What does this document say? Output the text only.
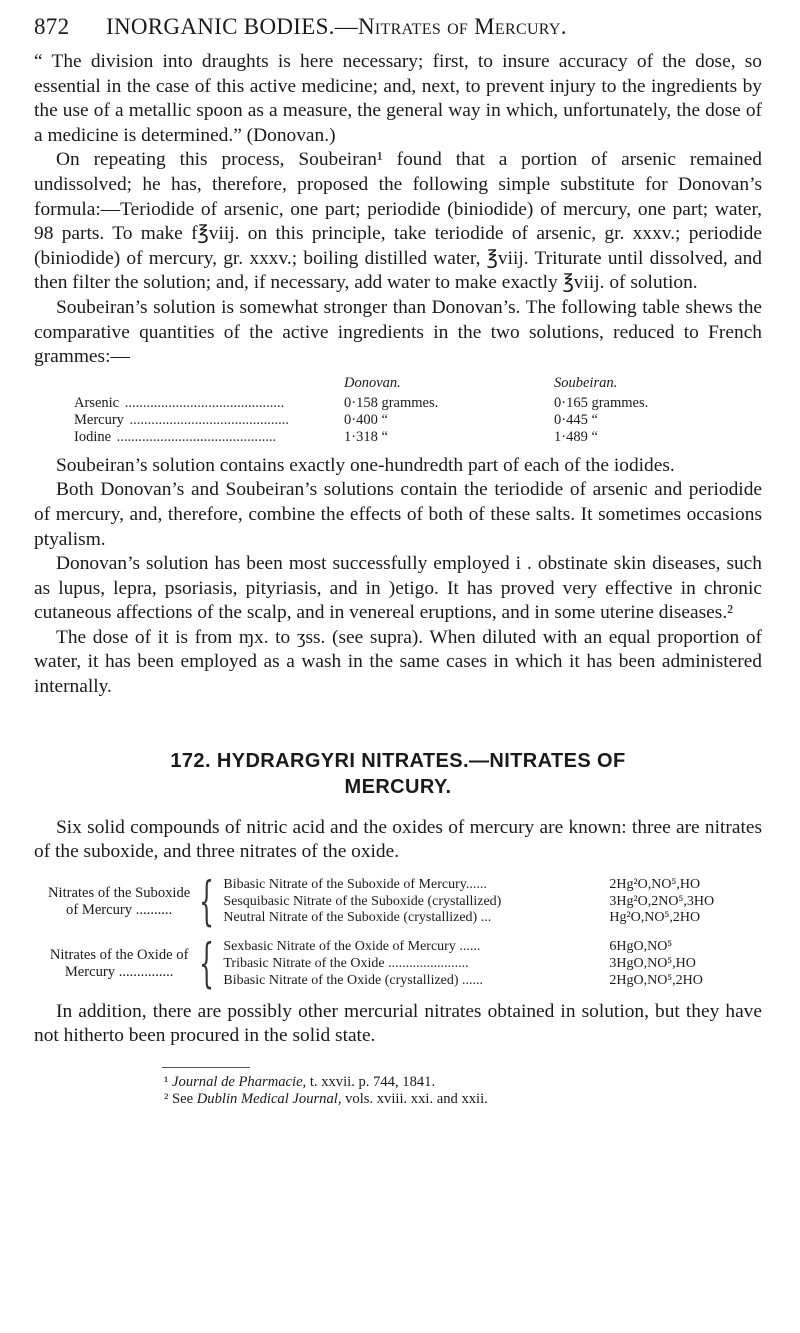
872	INORGANIC BODIES.—Nitrates of Mercury.

“ The division into draughts is here necessary; first, to insure accuracy of the dose, so essential in the case of this active medicine; and, next, to prevent injury to the ingredients by the use of a metallic spoon as a measure, the general way in which, unfortunately, the dose of a medicine is determined.” (Donovan.)

On repeating this process, Soubeiran¹ found that a portion of arsenic remained undissolved; he has, therefore, proposed the following simple substitute for Donovan’s formula:—Teriodide of arsenic, one part; periodide (biniodide) of mercury, one part; water, 98 parts. To make f℥viij. on this principle, take teriodide of arsenic, gr. xxxv.; periodide (biniodide) of mercury, gr. xxxv.; boiling distilled water, ℥viij. Triturate until dissolved, and then filter the solution; and, if necessary, add water to make exactly ℥viij. of solution.

Soubeiran’s solution is somewhat stronger than Donovan’s. The following table shews the comparative quantities of the active ingredients in the two solutions, reduced to French grammes:—

	Donovan.	Soubeiran.
Arsenic ............................................	0·158 grammes.	0·165 grammes.
Mercury ............................................	0·400 “	0·445 “
Iodine ............................................	1·318 “	1·489 “

Soubeiran’s solution contains exactly one-hundredth part of each of the iodides.

Both Donovan’s and Soubeiran’s solutions contain the teriodide of arsenic and periodide of mercury, and, therefore, combine the effects of both of these salts. It sometimes occasions ptyalism.

Donovan’s solution has been most successfully employed i . obstinate skin diseases, such as lupus, lepra, psoriasis, pityriasis, and in )etigo. It has proved very effective in chronic cutaneous affections of the scalp, and in venereal eruptions, and in some uterine diseases.²

The dose of it is from ɱx. to ʒss. (see supra). When diluted with an equal proportion of water, it has been employed as a wash in the same cases in which it has been administered internally.

172. HYDRARGYRI NITRATES.—NITRATES OF
MERCURY.

Six solid compounds of nitric acid and the oxides of mercury are known: three are nitrates of the suboxide, and three nitrates of the oxide.

Nitrates of the Suboxide
of Mercury ..........	{	Bibasic Nitrate of the Suboxide of Mercury......	2Hg²O,NO⁵,HO
		Sesquibasic Nitrate of the Suboxide (crystallized)	3Hg²O,2NO⁵,3HO
		Neutral Nitrate of the Suboxide (crystallized) ...	Hg²O,NO⁵,2HO

Nitrates of the Oxide of
Mercury ...............	{	Sexbasic Nitrate of the Oxide of Mercury ......	6HgO,NO⁵
		Tribasic Nitrate of the Oxide .......................	3HgO,NO⁵,HO
		Bibasic Nitrate of the Oxide (crystallized) ......	2HgO,NO⁵,2HO

In addition, there are possibly other mercurial nitrates obtained in solution, but they have not hitherto been procured in the solid state.

¹ Journal de Pharmacie, t. xxvii. p. 744, 1841.
² See Dublin Medical Journal, vols. xviii. xxi. and xxii.
